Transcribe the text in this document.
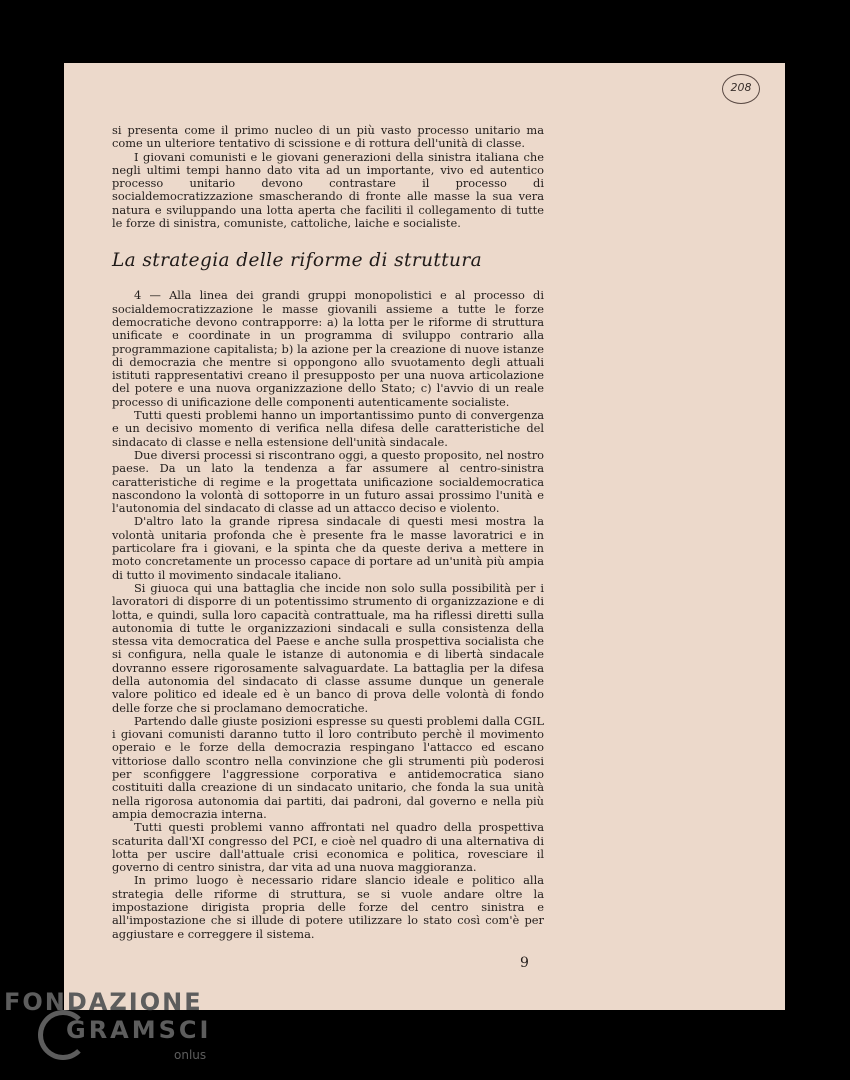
208

si presenta come il primo nucleo di un più vasto processo unitario ma come un ulteriore tentativo di scissione e di rottura dell'unità di classe.

I giovani comunisti e le giovani generazioni della sinistra italiana che negli ultimi tempi hanno dato vita ad un importante, vivo ed autentico processo unitario devono contrastare il processo di socialdemocratizzazione smascherando di fronte alle masse la sua vera natura e sviluppando una lotta aperta che faciliti il collegamento di tutte le forze di sinistra, comuniste, cattoliche, laiche e socialiste.

La strategia delle riforme di struttura

4 — Alla linea dei grandi gruppi monopolistici e al processo di socialdemocratizzazione le masse giovanili assieme a tutte le forze democratiche devono contrapporre: a) la lotta per le riforme di struttura unificate e coordinate in un programma di sviluppo contrario alla programmazione capitalista; b) la azione per la creazione di nuove istanze di democrazia che mentre si oppongono allo svuotamento degli attuali istituti rappresentativi creano il presupposto per una nuova articolazione del potere e una nuova organizzazione dello Stato; c) l'avvio di un reale processo di unificazione delle componenti autenticamente socialiste.

Tutti questi problemi hanno un importantissimo punto di convergenza e un decisivo momento di verifica nella difesa delle caratteristiche del sindacato di classe e nella estensione dell'unità sindacale.

Due diversi processi si riscontrano oggi, a questo proposito, nel nostro paese. Da un lato la tendenza a far assumere al centro-sinistra caratteristiche di regime e la progettata unificazione socialdemocratica nascondono la volontà di sottoporre in un futuro assai prossimo l'unità e l'autonomia del sindacato di classe ad un attacco deciso e violento.

D'altro lato la grande ripresa sindacale di questi mesi mostra la volontà unitaria profonda che è presente fra le masse lavoratrici e in particolare fra i giovani, e la spinta che da queste deriva a mettere in moto concretamente un processo capace di portare ad un'unità più ampia di tutto il movimento sindacale italiano.

Si giuoca qui una battaglia che incide non solo sulla possibilità per i lavoratori di disporre di un potentissimo strumento di organizzazione e di lotta, e quindi, sulla loro capacità contrattuale, ma ha riflessi diretti sulla autonomia di tutte le organizzazioni sindacali e sulla consistenza della stessa vita democratica del Paese e anche sulla prospettiva socialista che si configura, nella quale le istanze di autonomia e di libertà sindacale dovranno essere rigorosamente salvaguardate. La battaglia per la difesa della autonomia del sindacato di classe assume dunque un generale valore politico ed ideale ed è un banco di prova delle volontà di fondo delle forze che si proclamano democratiche.

Partendo dalle giuste posizioni espresse su questi problemi dalla CGIL i giovani comunisti daranno tutto il loro contributo perchè il movimento operaio e le forze della democrazia respingano l'attacco ed escano vittoriose dallo scontro nella convinzione che gli strumenti più poderosi per sconfiggere l'aggressione corporativa e antidemocratica siano costituiti dalla creazione di un sindacato unitario, che fonda la sua unità nella rigorosa autonomia dai partiti, dai padroni, dal governo e nella più ampia democrazia interna.

Tutti questi problemi vanno affrontati nel quadro della prospettiva scaturita dall'XI congresso del PCI, e cioè nel quadro di una alternativa di lotta per uscire dall'attuale crisi economica e politica, rovesciare il governo di centro sinistra, dar vita ad una nuova maggioranza.

In primo luogo è necessario ridare slancio ideale e politico alla strategia delle riforme di struttura, se si vuole andare oltre la impostazione dirigista propria delle forze del centro sinistra e all'impostazione che si illude di potere utilizzare lo stato così com'è per aggiustare e correggere il sistema.

9
FONDAZIONE
GRAMSCI
onlus
